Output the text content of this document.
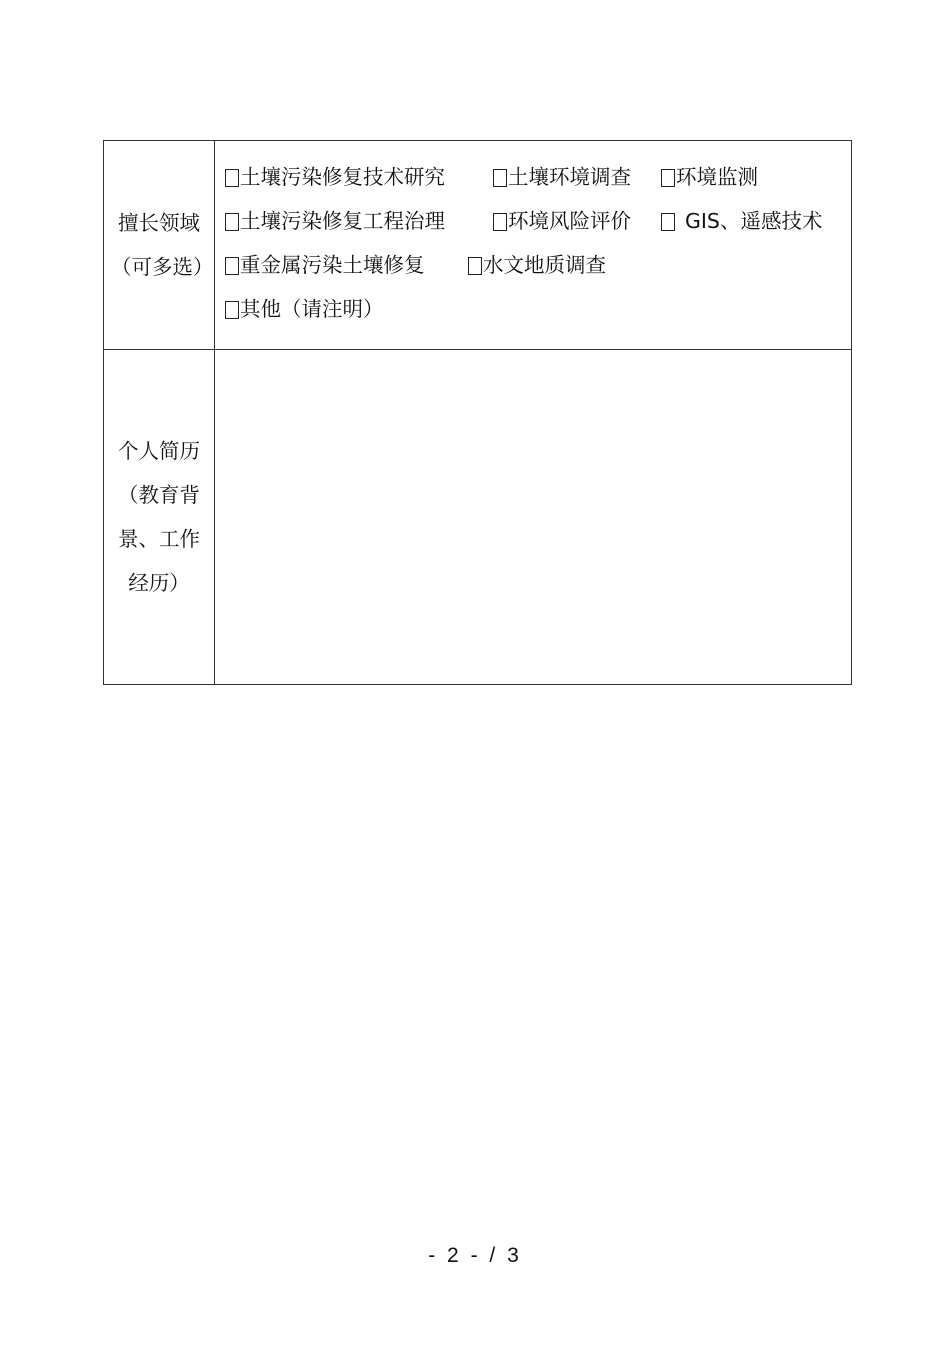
擅长领域（可多选）	土壤污染修复技术研究 土壤环境调查 环境监测
土壤污染修复工程治理 环境风险评价 GIS、遥感技术
重金属污染土壤修复 水文地质调查
其他（请注明）

个人简历（教育背景、工作经历）	
- 2 - / 3
